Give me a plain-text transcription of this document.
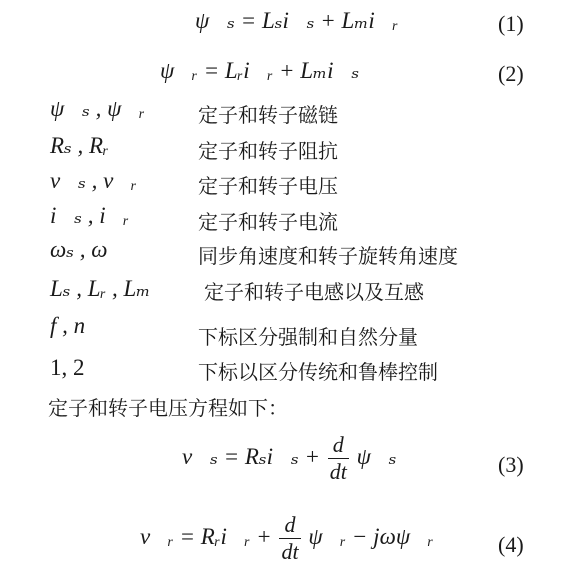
ψ⃗ₛ = Lₛi⃗ₛ + Lₘi⃗ᵣ	(1)
ψ⃗ᵣ = Lᵣi⃗ᵣ + Lₘi⃗ₛ	(2)
ψ⃗ₛ , ψ⃗ᵣ	定子和转子磁链
Rₛ , Rᵣ	定子和转子阻抗
v⃗ₛ , v⃗ᵣ	定子和转子电压
i⃗ₛ , i⃗ᵣ	定子和转子电流
ωₛ , ω	同步角速度和转子旋转角速度
Lₛ , Lᵣ , Lₘ	定子和转子电感以及互感
f , n	下标区分强制和自然分量
1, 2	下标以区分传统和鲁棒控制
定子和转子电压方程如下：
v⃗ₛ = Rₛi⃗ₛ + $\frac{d}{dt}$ ψ⃗ₛ	(3)
v⃗ᵣ = Rᵣi⃗ᵣ + $\frac{d}{dt}$ ψ⃗ᵣ − jωψ⃗ᵣ	(4)
